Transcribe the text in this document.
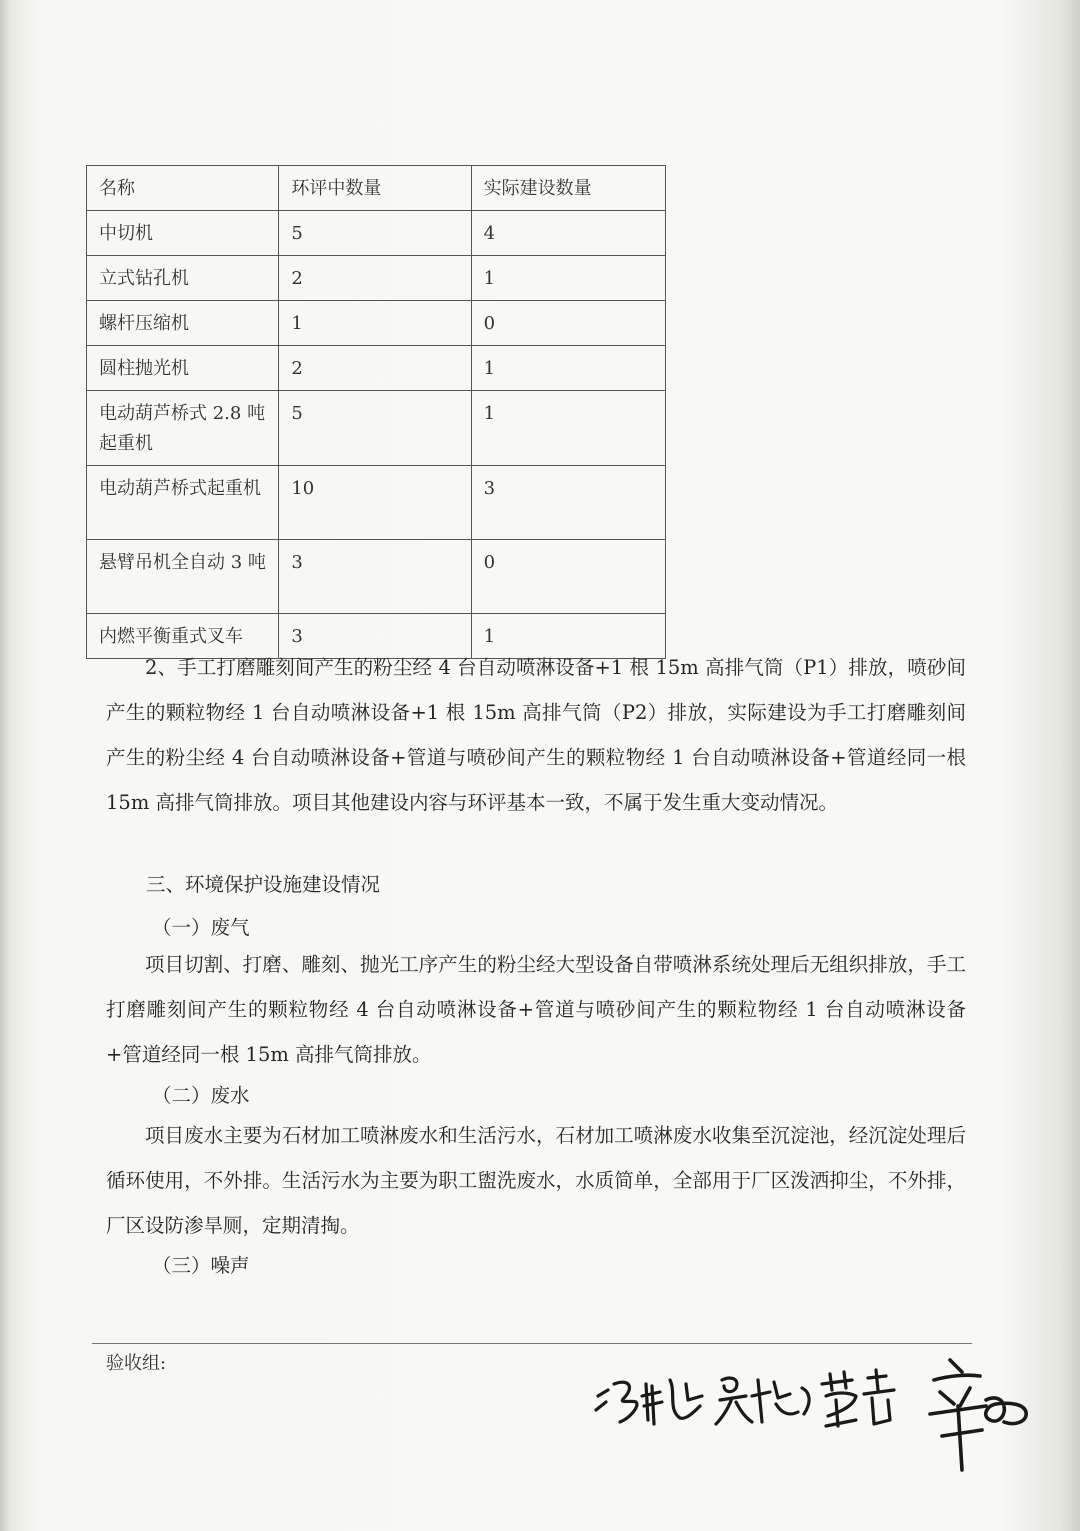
名称	环评中数量	实际建设数量
中切机	5	4
立式钻孔机	2	1
螺杆压缩机	1	0
圆柱抛光机	2	1
电动葫芦桥式 2.8 吨起重机	5	1
电动葫芦桥式起重机	10	3
悬臂吊机全自动 3 吨	3	0
内燃平衡重式叉车	3	1

2、手工打磨雕刻间产生的粉尘经 4 台自动喷淋设备+1 根 15m 高排气筒（P1）排放，喷砂间产生的颗粒物经 1 台自动喷淋设备+1 根 15m 高排气筒（P2）排放，实际建设为手工打磨雕刻间产生的粉尘经 4 台自动喷淋设备+管道与喷砂间产生的颗粒物经 1 台自动喷淋设备+管道经同一根 15m 高排气筒排放。项目其他建设内容与环评基本一致，不属于发生重大变动情况。

三、环境保护设施建设情况

（一）废气

项目切割、打磨、雕刻、抛光工序产生的粉尘经大型设备自带喷淋系统处理后无组织排放，手工打磨雕刻间产生的颗粒物经 4 台自动喷淋设备+管道与喷砂间产生的颗粒物经 1 台自动喷淋设备+管道经同一根 15m 高排气筒排放。

（二）废水

项目废水主要为石材加工喷淋废水和生活污水，石材加工喷淋废水收集至沉淀池，经沉淀处理后循环使用，不外排。生活污水为主要为职工盥洗废水，水质简单，全部用于厂区泼洒抑尘，不外排，厂区设防渗旱厕，定期清掏。

（三）噪声

验收组:
